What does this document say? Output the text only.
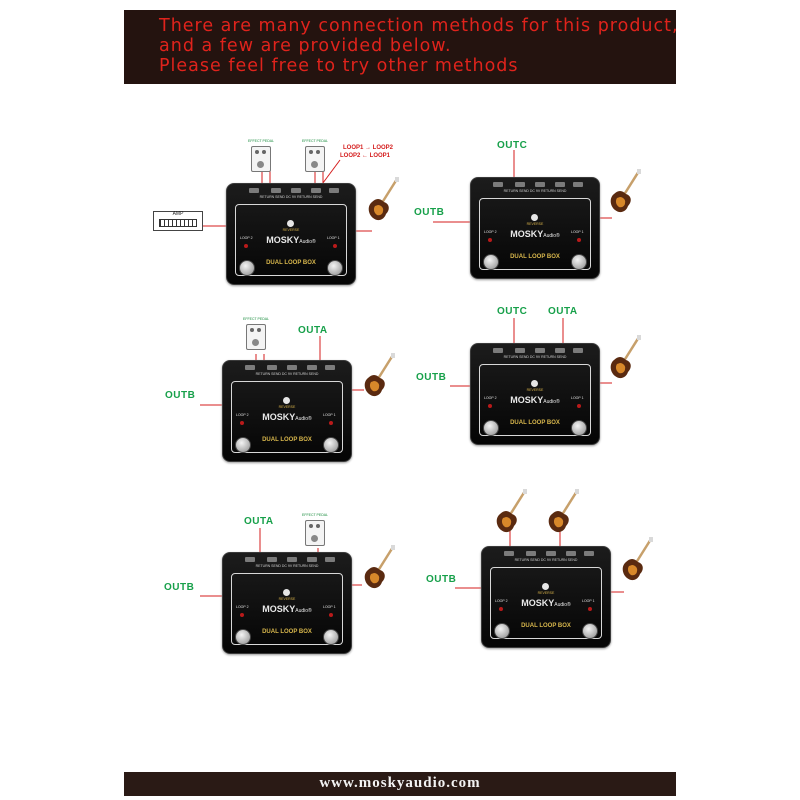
There are many connection methods for this product,
and a few are provided below.
Please feel free to try other methods
EFFECT PEDAL	EFFECT PEDAL
LOOP1 → LOOP2
LOOP2 ← LOOP1
AMP
RETURN SEND DC 9V RETURN SEND
REVERSE
MOSKYAudio®
LOOP 2	LOOP 1
DUAL LOOP BOX
OUTC
OUTB
RETURN SEND DC 9V RETURN SEND
REVERSE
MOSKYAudio®
LOOP 2	LOOP 1
DUAL LOOP BOX
EFFECT PEDAL
OUTA
OUTB
RETURN SEND DC 9V RETURN SEND
REVERSE
MOSKYAudio®
LOOP 2	LOOP 1
DUAL LOOP BOX
OUTC OUTA
OUTB
RETURN SEND DC 9V RETURN SEND
REVERSE
MOSKYAudio®
LOOP 2	LOOP 1
DUAL LOOP BOX
EFFECT PEDAL
OUTA
OUTB
RETURN SEND DC 9V RETURN SEND
REVERSE
MOSKYAudio®
LOOP 2	LOOP 1
DUAL LOOP BOX
OUTB
RETURN SEND DC 9V RETURN SEND
REVERSE
MOSKYAudio®
LOOP 2	LOOP 1
DUAL LOOP BOX
www.moskyaudio.com
